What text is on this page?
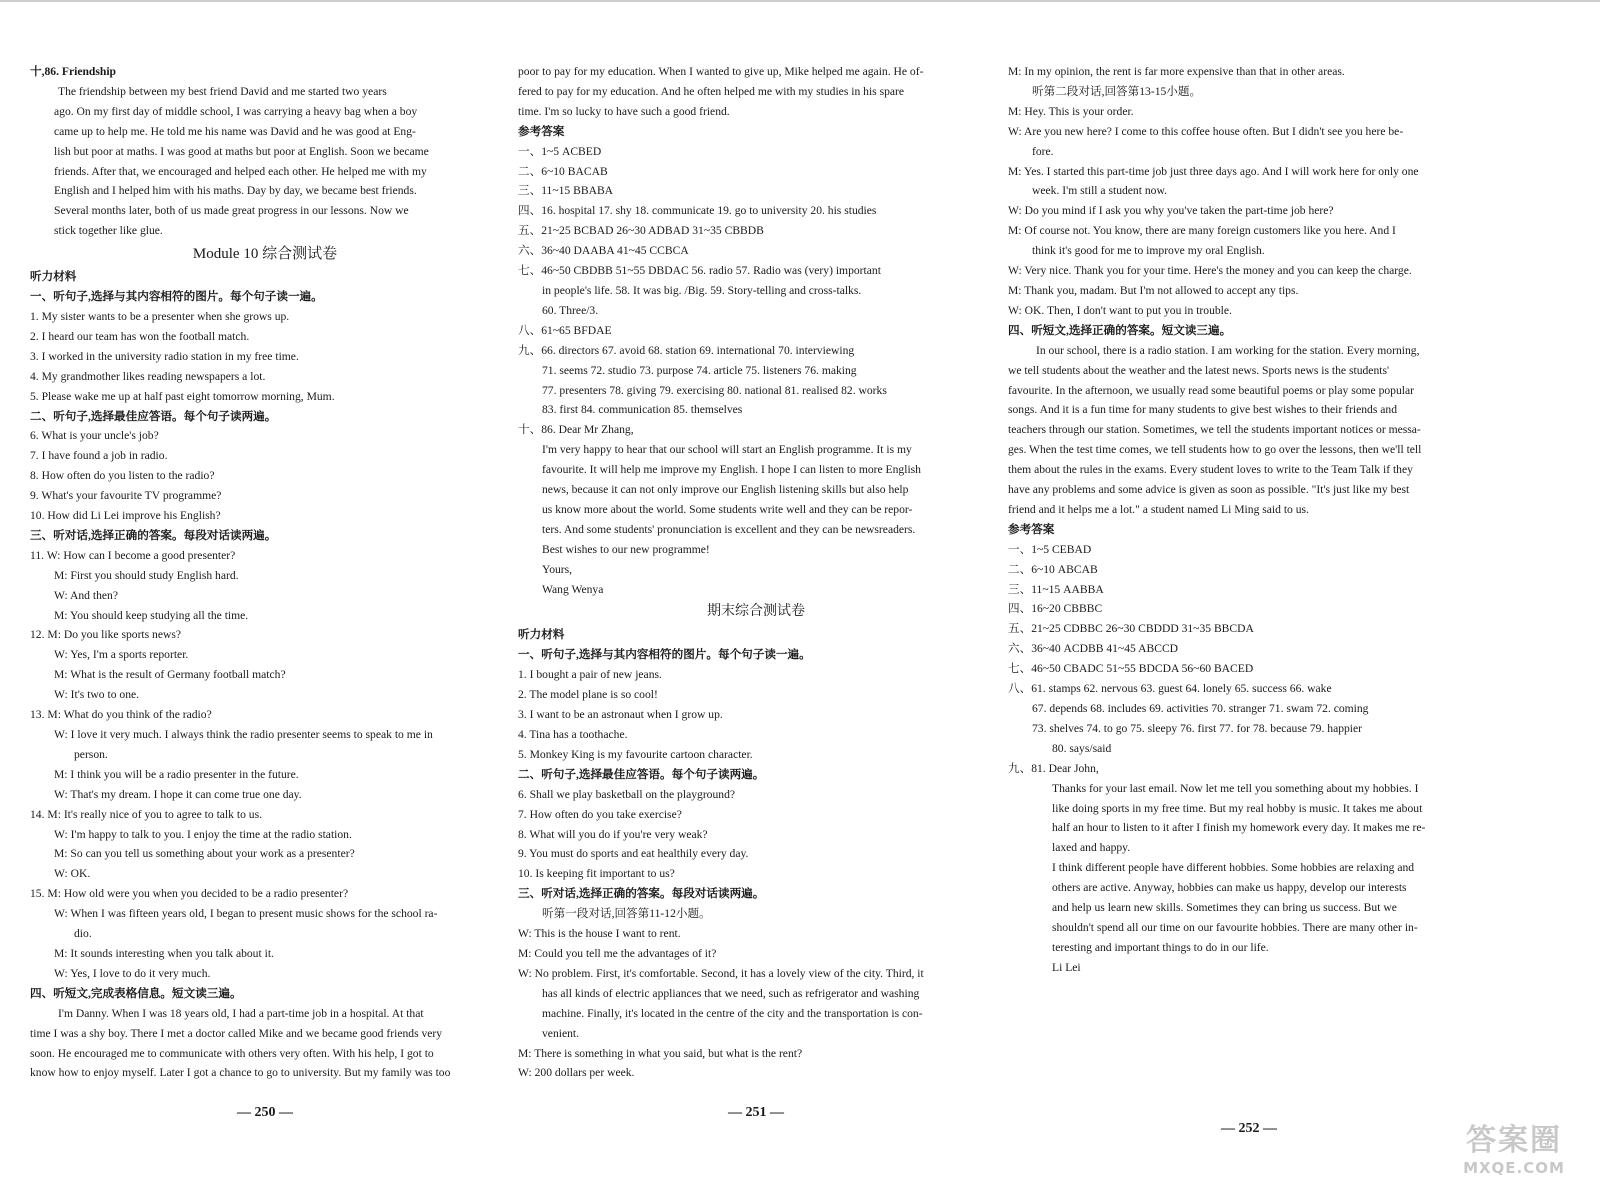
十,86. Friendship
The friendship between my best friend David and me started two years
ago. On my first day of middle school, I was carrying a heavy bag when a boy
came up to help me. He told me his name was David and he was good at Eng-
lish but poor at maths. I was good at maths but poor at English. Soon we became
friends. After that, we encouraged and helped each other. He helped me with my
English and I helped him with his maths. Day by day, we became best friends.
Several months later, both of us made great progress in our lessons. Now we
stick together like glue.
Module 10 综合测试卷
听力材料
一、听句子,选择与其内容相符的图片。每个句子读一遍。
1. My sister wants to be a presenter when she grows up.
2. I heard our team has won the football match.
3. I worked in the university radio station in my free time.
4. My grandmother likes reading newspapers a lot.
5. Please wake me up at half past eight tomorrow morning, Mum.
二、听句子,选择最佳应答语。每个句子读两遍。
6. What is your uncle's job?
7. I have found a job in radio.
8. How often do you listen to the radio?
9. What's your favourite TV programme?
10. How did Li Lei improve his English?
三、听对话,选择正确的答案。每段对话读两遍。
11. W: How can I become a good presenter?
M: First you should study English hard.
W: And then?
M: You should keep studying all the time.
12. M: Do you like sports news?
W: Yes, I'm a sports reporter.
M: What is the result of Germany football match?
W: It's two to one.
13. M: What do you think of the radio?
W: I love it very much. I always think the radio presenter seems to speak to me in
person.
M: I think you will be a radio presenter in the future.
W: That's my dream. I hope it can come true one day.
14. M: It's really nice of you to agree to talk to us.
W: I'm happy to talk to you. I enjoy the time at the radio station.
M: So can you tell us something about your work as a presenter?
W: OK.
15. M: How old were you when you decided to be a radio presenter?
W: When I was fifteen years old, I began to present music shows for the school ra-
dio.
M: It sounds interesting when you talk about it.
W: Yes, I love to do it very much.
四、听短文,完成表格信息。短文读三遍。
I'm Danny. When I was 18 years old, I had a part-time job in a hospital. At that
time I was a shy boy. There I met a doctor called Mike and we became good friends very
soon. He encouraged me to communicate with others very often. With his help, I got to
know how to enjoy myself. Later I got a chance to go to university. But my family was too
— 250 —
poor to pay for my education. When I wanted to give up, Mike helped me again. He of-
fered to pay for my education. And he often helped me with my studies in his spare
time. I'm so lucky to have such a good friend.
参考答案
一、1~5 ACBED
二、6~10 BACAB
三、11~15 BBABA
四、16. hospital 17. shy 18. communicate 19. go to university 20. his studies
五、21~25 BCBAD 26~30 ADBAD 31~35 CBBDB
六、36~40 DAABA 41~45 CCBCA
七、46~50 CBDBB 51~55 DBDAC 56. radio 57. Radio was (very) important
in people's life. 58. It was big. /Big. 59. Story-telling and cross-talks.
60. Three/3.
八、61~65 BFDAE
九、66. directors 67. avoid 68. station 69. international 70. interviewing
71. seems 72. studio 73. purpose 74. article 75. listeners 76. making
77. presenters 78. giving 79. exercising 80. national 81. realised 82. works
83. first 84. communication 85. themselves
十、86. Dear Mr Zhang,
I'm very happy to hear that our school will start an English programme. It is my
favourite. It will help me improve my English. I hope I can listen to more English
news, because it can not only improve our English listening skills but also help
us know more about the world. Some students write well and they can be repor-
ters. And some students' pronunciation is excellent and they can be newsreaders.
Best wishes to our new programme!
Yours,
Wang Wenya
期末综合测试卷
听力材料
一、听句子,选择与其内容相符的图片。每个句子读一遍。
1. I bought a pair of new jeans.
2. The model plane is so cool!
3. I want to be an astronaut when I grow up.
4. Tina has a toothache.
5. Monkey King is my favourite cartoon character.
二、听句子,选择最佳应答语。每个句子读两遍。
6. Shall we play basketball on the playground?
7. How often do you take exercise?
8. What will you do if you're very weak?
9. You must do sports and eat healthily every day.
10. Is keeping fit important to us?
三、听对话,选择正确的答案。每段对话读两遍。
听第一段对话,回答第11-12小题。
W: This is the house I want to rent.
M: Could you tell me the advantages of it?
W: No problem. First, it's comfortable. Second, it has a lovely view of the city. Third, it
has all kinds of electric appliances that we need, such as refrigerator and washing
machine. Finally, it's located in the centre of the city and the transportation is con-
venient.
M: There is something in what you said, but what is the rent?
W: 200 dollars per week.
— 251 —
M: In my opinion, the rent is far more expensive than that in other areas.
听第二段对话,回答第13-15小题。
M: Hey. This is your order.
W: Are you new here? I come to this coffee house often. But I didn't see you here be-
fore.
M: Yes. I started this part-time job just three days ago. And I will work here for only one
week. I'm still a student now.
W: Do you mind if I ask you why you've taken the part-time job here?
M: Of course not. You know, there are many foreign customers like you here. And I
think it's good for me to improve my oral English.
W: Very nice. Thank you for your time. Here's the money and you can keep the charge.
M: Thank you, madam. But I'm not allowed to accept any tips.
W: OK. Then, I don't want to put you in trouble.
四、听短文,选择正确的答案。短文读三遍。
In our school, there is a radio station. I am working for the station. Every morning,
we tell students about the weather and the latest news. Sports news is the students'
favourite. In the afternoon, we usually read some beautiful poems or play some popular
songs. And it is a fun time for many students to give best wishes to their friends and
teachers through our station. Sometimes, we tell the students important notices or messa-
ges. When the test time comes, we tell students how to go over the lessons, then we'll tell
them about the rules in the exams. Every student loves to write to the Team Talk if they
have any problems and some advice is given as soon as possible. "It's just like my best
friend and it helps me a lot." a student named Li Ming said to us.
参考答案
一、1~5 CEBAD
二、6~10 ABCAB
三、11~15 AABBA
四、16~20 CBBBC
五、21~25 CDBBC 26~30 CBDDD 31~35 BBCDA
六、36~40 ACDBB 41~45 ABCCD
七、46~50 CBADC 51~55 BDCDA 56~60 BACED
八、61. stamps 62. nervous 63. guest 64. lonely 65. success 66. wake
67. depends 68. includes 69. activities 70. stranger 71. swam 72. coming
73. shelves 74. to go 75. sleepy 76. first 77. for 78. because 79. happier
80. says/said
九、81. Dear John,
Thanks for your last email. Now let me tell you something about my hobbies. I
like doing sports in my free time. But my real hobby is music. It takes me about
half an hour to listen to it after I finish my homework every day. It makes me re-
laxed and happy.
I think different people have different hobbies. Some hobbies are relaxing and
others are active. Anyway, hobbies can make us happy, develop our interests
and help us learn new skills. Sometimes they can bring us success. But we
shouldn't spend all our time on our favourite hobbies. There are many other in-
teresting and important things to do in our life.
Li Lei
— 252 —	答案圈
MXQE.COM
